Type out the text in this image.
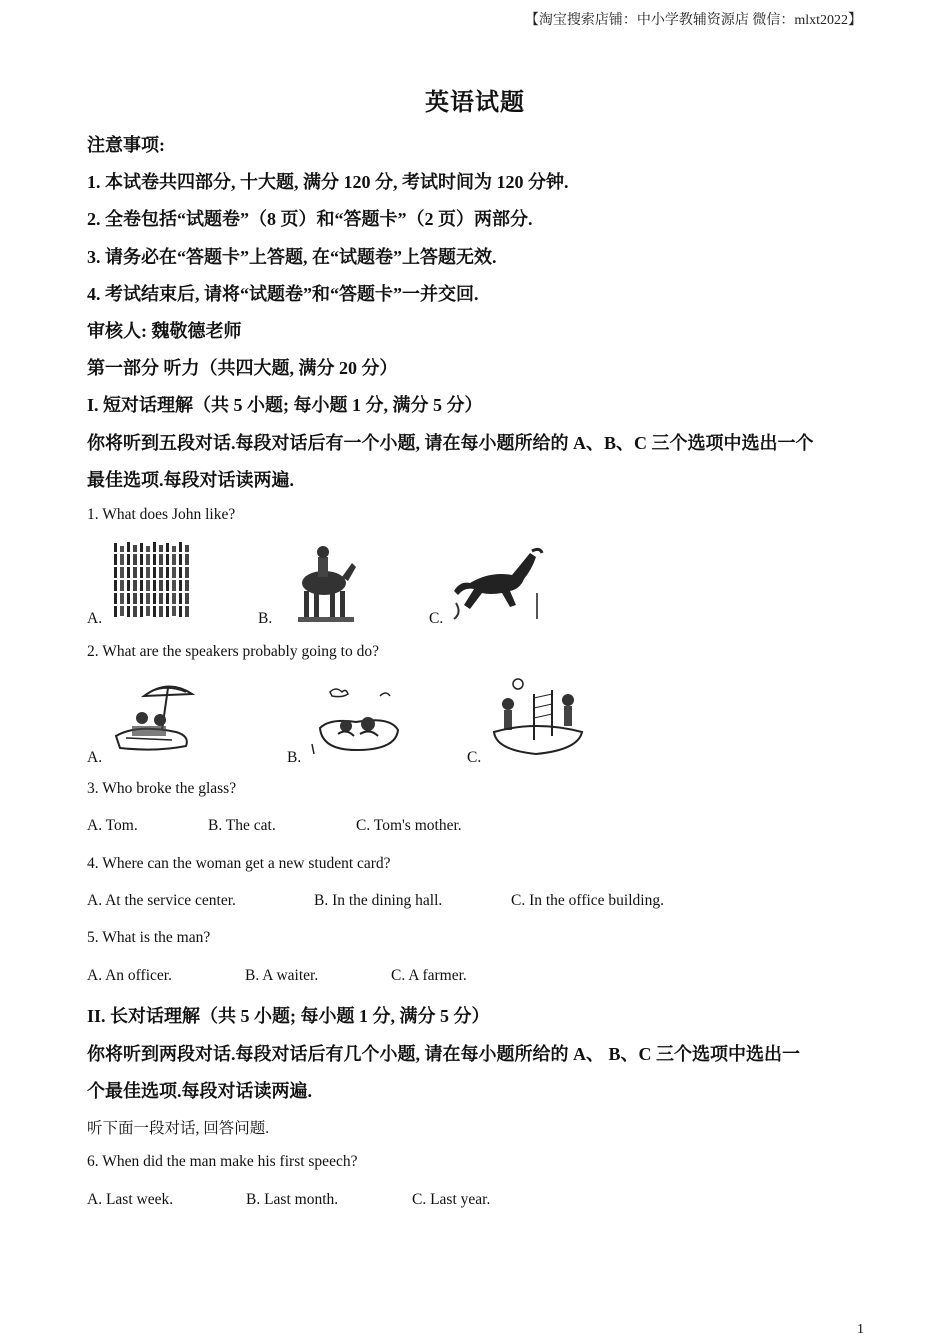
【淘宝搜索店铺：中小学教辅资源店 微信：mlxt2022】
英语试题
注意事项:
1. 本试卷共四部分, 十大题, 满分 120 分, 考试时间为 120 分钟.
2. 全卷包括“试题卷”（8 页）和“答题卡”（2 页）两部分.
3. 请务必在“答题卡”上答题, 在“试题卷”上答题无效.
4. 考试结束后, 请将“试题卷”和“答题卡”一并交回.
审核人: 魏敬德老师
第一部分 听力（共四大题, 满分 20 分）
I. 短对话理解（共 5 小题; 每小题 1 分, 满分 5 分）
你将听到五段对话.每段对话后有一个小题, 请在每小题所给的 A、B、C 三个选项中选出一个
最佳选项.每段对话读两遍.
1. What does John like?
A.	B.	C.
2. What are the speakers probably going to do?
A.	B.	C.
3. Who broke the glass?
A. Tom.	B. The cat.	C. Tom's mother.
4. Where can the woman get a new student card?
A. At the service center.	B. In the dining hall.	C. In the office building.
5. What is the man?
A. An officer.	B. A waiter.	C. A farmer.
II. 长对话理解（共 5 小题; 每小题 1 分, 满分 5 分）
你将听到两段对话.每段对话后有几个小题, 请在每小题所给的 A、 B、C 三个选项中选出一
个最佳选项.每段对话读两遍.
听下面一段对话, 回答问题.
6. When did the man make his first speech?
A. Last week.	B. Last month.	C. Last year.
1
